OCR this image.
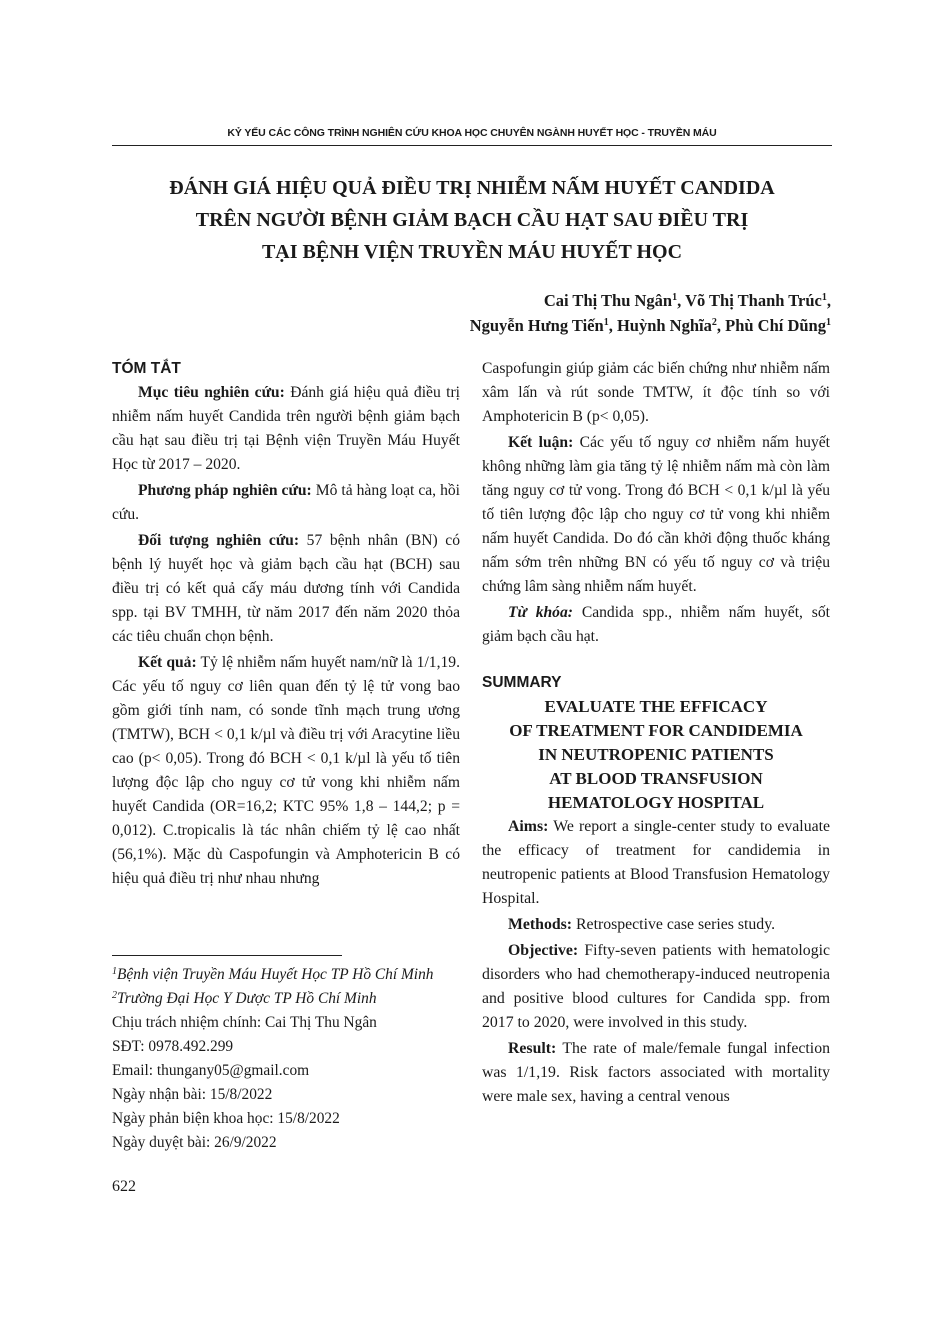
KỶ YẾU CÁC CÔNG TRÌNH NGHIÊN CỨU KHOA HỌC CHUYÊN NGÀNH HUYẾT HỌC - TRUYỀN MÁU
ĐÁNH GIÁ HIỆU QUẢ ĐIỀU TRỊ NHIỄM NẤM HUYẾT CANDIDA
TRÊN NGƯỜI BỆNH GIẢM BẠCH CẦU HẠT SAU ĐIỀU TRỊ
TẠI BỆNH VIỆN TRUYỀN MÁU HUYẾT HỌC
Cai Thị Thu Ngân$^1$, Võ Thị Thanh Trúc$^1$,
Nguyễn Hưng Tiến$^1$, Huỳnh Nghĩa$^2$, Phù Chí Dũng$^1$

TÓM TẮT

Mục tiêu nghiên cứu: Đánh giá hiệu quả điều trị nhiễm nấm huyết Candida trên người bệnh giảm bạch cầu hạt sau điều trị tại Bệnh viện Truyền Máu Huyết Học từ 2017 – 2020.

Phương pháp nghiên cứu: Mô tả hàng loạt ca, hồi cứu.

Đối tượng nghiên cứu: 57 bệnh nhân (BN) có bệnh lý huyết học và giảm bạch cầu hạt (BCH) sau điều trị có kết quả cấy máu dương tính với Candida spp. tại BV TMHH, từ năm 2017 đến năm 2020 thỏa các tiêu chuẩn chọn bệnh.

Kết quả: Tỷ lệ nhiễm nấm huyết nam/nữ là 1/1,19. Các yếu tố nguy cơ liên quan đến tỷ lệ tử vong bao gồm giới tính nam, có sonde tĩnh mạch trung ương (TMTW), BCH < 0,1 k/µl và điều trị với Aracytine liều cao (p< 0,05). Trong đó BCH < 0,1 k/µl là yếu tố tiên lượng độc lập cho nguy cơ tử vong khi nhiễm nấm huyết Candida (OR=16,2; KTC 95% 1,8 – 144,2; p = 0,012). C.tropicalis là tác nhân chiếm tỷ lệ cao nhất (56,1%). Mặc dù Caspofungin và Amphotericin B có hiệu quả điều trị như nhau nhưng

Caspofungin giúp giảm các biến chứng như nhiễm nấm xâm lấn và rút sonde TMTW, ít độc tính so với Amphotericin B (p< 0,05).

Kết luận: Các yếu tố nguy cơ nhiễm nấm huyết không những làm gia tăng tỷ lệ nhiễm nấm mà còn làm tăng nguy cơ tử vong. Trong đó BCH < 0,1 k/µl là yếu tố tiên lượng độc lập cho nguy cơ tử vong khi nhiễm nấm huyết Candida. Do đó cần khởi động thuốc kháng nấm sớm trên những BN có yếu tố nguy cơ và triệu chứng lâm sàng nhiễm nấm huyết.

Từ khóa: Candida spp., nhiễm nấm huyết, sốt giảm bạch cầu hạt.

SUMMARY

EVALUATE THE EFFICACY
OF TREATMENT FOR CANDIDEMIA
IN NEUTROPENIC PATIENTS
AT BLOOD TRANSFUSION
HEMATOLOGY HOSPITAL

Aims: We report a single-center study to evaluate the efficacy of treatment for candidemia in neutropenic patients at Blood Transfusion Hematology Hospital.

Methods: Retrospective case series study.

Objective: Fifty-seven patients with hematologic disorders who had chemotherapy-induced neutropenia and positive blood cultures for Candida spp. from 2017 to 2020, were involved in this study.

Result: The rate of male/female fungal infection was 1/1,19. Risk factors associated with mortality were male sex, having a central venous

$^1$Bệnh viện Truyền Máu Huyết Học TP Hồ Chí Minh
$^2$Trường Đại Học Y Dược TP Hồ Chí Minh
Chịu trách nhiệm chính: Cai Thị Thu Ngân
SĐT: 0978.492.299
Email: thungany05@gmail.com
Ngày nhận bài: 15/8/2022
Ngày phản biện khoa học: 15/8/2022
Ngày duyệt bài: 26/9/2022
622
